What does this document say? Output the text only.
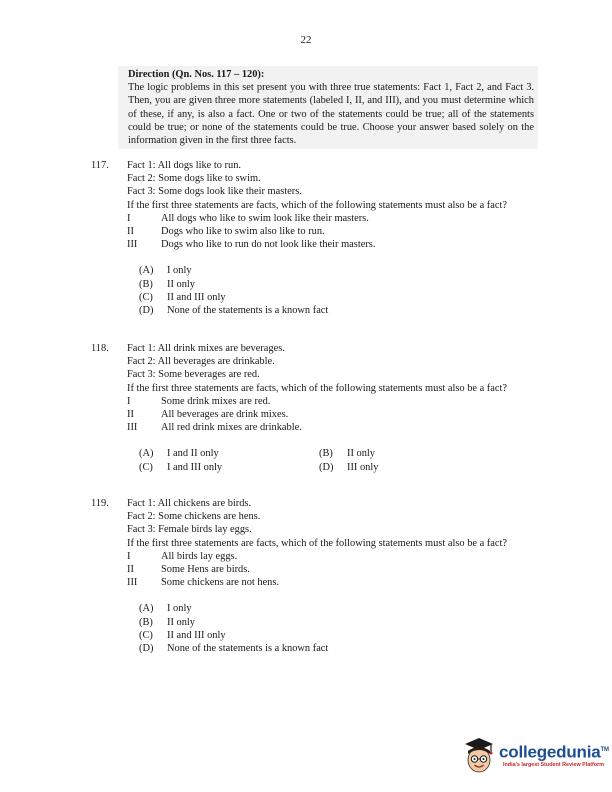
22
Direction (Qn. Nos. 117 – 120):
The logic problems in this set present you with three true statements: Fact 1, Fact 2, and Fact 3. Then, you are given three more statements (labeled I, II, and III), and you must determine which of these, if any, is also a fact. One or two of the statements could be true; all of the statements could be true; or none of the statements could be true. Choose your answer based solely on the information given in the first three facts.
117. Fact 1: All dogs like to run.
Fact 2: Some dogs like to swim.
Fact 3: Some dogs look like their masters.
If the first three statements are facts, which of the following statements must also be a fact?
I	All dogs who like to swim look like their masters.
II	Dogs who like to swim also like to run.
III	Dogs who like to run do not look like their masters.
(A)	I only
(B)	II only
(C)	II and III only
(D)	None of the statements is a known fact
118. Fact 1: All drink mixes are beverages.
Fact 2: All beverages are drinkable.
Fact 3: Some beverages are red.
If the first three statements are facts, which of the following statements must also be a fact?
I	Some drink mixes are red.
II	All beverages are drink mixes.
III	All red drink mixes are drinkable.
(A)	I and II only	(B)	II only
(C)	I and III only	(D)	III only
119. Fact 1: All chickens are birds.
Fact 2: Some chickens are hens.
Fact 3: Female birds lay eggs.
If the first three statements are facts, which of the following statements must also be a fact?
I	All birds lay eggs.
II	Some Hens are birds.
III	Some chickens are not hens.
(A)	I only
(B)	II only
(C)	II and III only
(D)	None of the statements is a known fact
collegedunia™
India's largest Student Review Platform
